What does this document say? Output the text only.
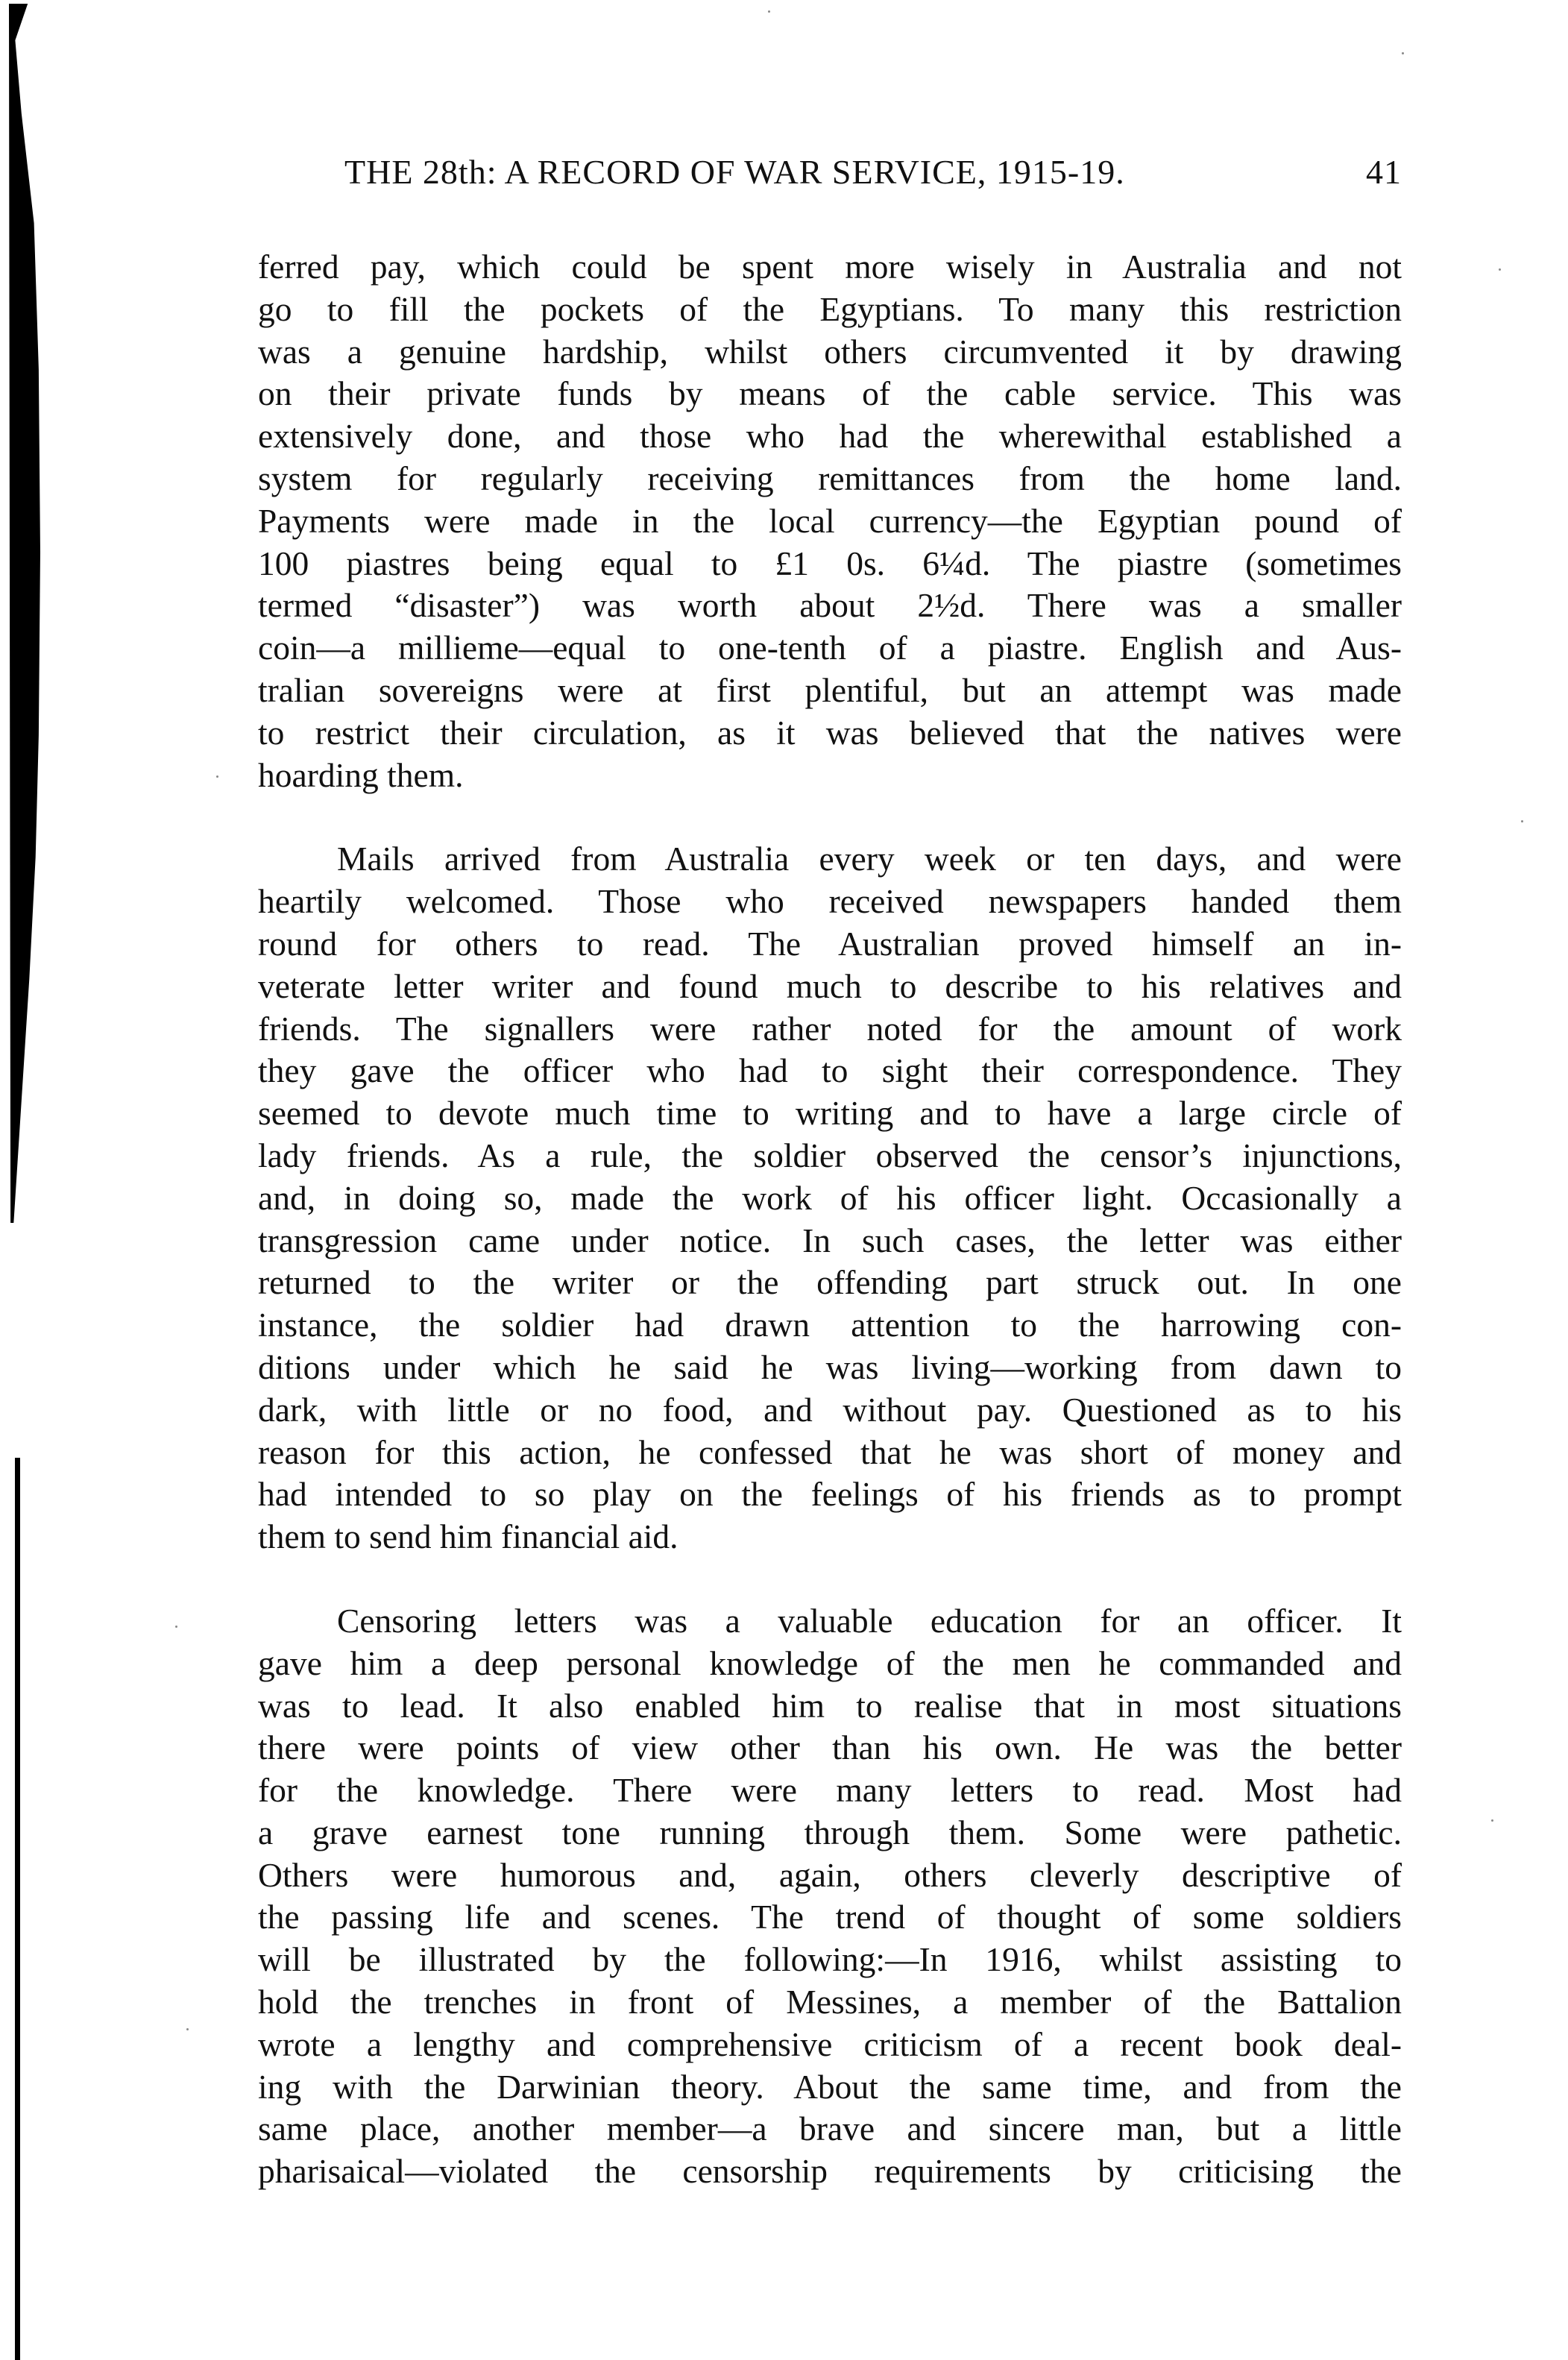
THE 28th: A RECORD OF WAR SERVICE, 1915-19.	41
ferred pay, which could be spent more wisely in Australia and not
go to fill the pockets of the Egyptians. To many this restriction
was a genuine hardship, whilst others circumvented it by drawing
on their private funds by means of the cable service. This was
extensively done, and those who had the wherewithal established a
system for regularly receiving remittances from the home land.
Payments were made in the local currency—the Egyptian pound of
100 piastres being equal to £1 0s. 6¼d. The piastre (sometimes
termed “disaster”) was worth about 2½d. There was a smaller
coin—a millieme—equal to one-tenth of a piastre. English and Aus-
tralian sovereigns were at first plentiful, but an attempt was made
to restrict their circulation, as it was believed that the natives were
hoarding them.
Mails arrived from Australia every week or ten days, and were
heartily welcomed. Those who received newspapers handed them
round for others to read. The Australian proved himself an in-
veterate letter writer and found much to describe to his relatives and
friends. The signallers were rather noted for the amount of work
they gave the officer who had to sight their correspondence. They
seemed to devote much time to writing and to have a large circle of
lady friends. As a rule, the soldier observed the censor’s injunctions,
and, in doing so, made the work of his officer light. Occasionally a
transgression came under notice. In such cases, the letter was either
returned to the writer or the offending part struck out. In one
instance, the soldier had drawn attention to the harrowing con-
ditions under which he said he was living—working from dawn to
dark, with little or no food, and without pay. Questioned as to his
reason for this action, he confessed that he was short of money and
had intended to so play on the feelings of his friends as to prompt
them to send him financial aid.
Censoring letters was a valuable education for an officer. It
gave him a deep personal knowledge of the men he commanded and
was to lead. It also enabled him to realise that in most situations
there were points of view other than his own. He was the better
for the knowledge. There were many letters to read. Most had
a grave earnest tone running through them. Some were pathetic.
Others were humorous and, again, others cleverly descriptive of
the passing life and scenes. The trend of thought of some soldiers
will be illustrated by the following:—In 1916, whilst assisting to
hold the trenches in front of Messines, a member of the Battalion
wrote a lengthy and comprehensive criticism of a recent book deal-
ing with the Darwinian theory. About the same time, and from the
same place, another member—a brave and sincere man, but a little
pharisaical—violated the censorship requirements by criticising the
